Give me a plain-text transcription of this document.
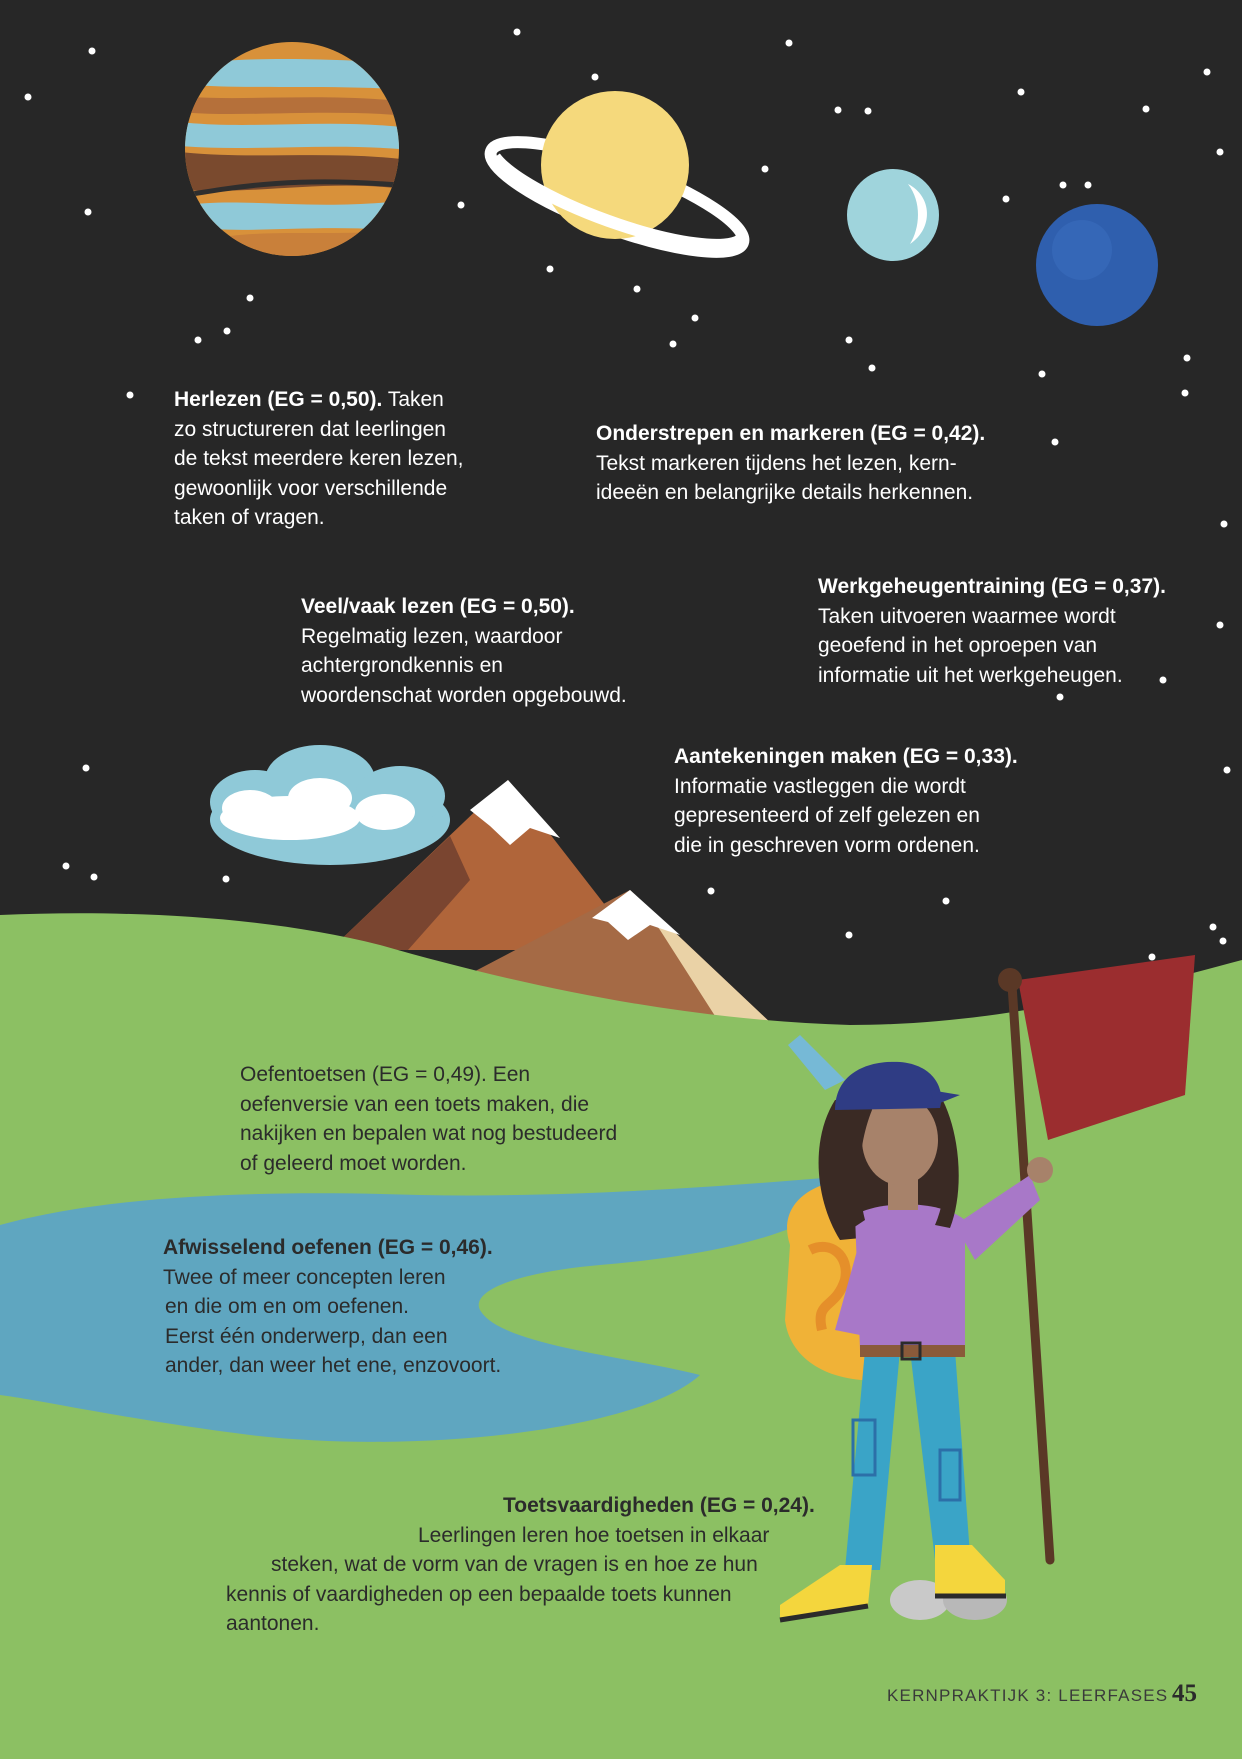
Herlezen (EG = 0,50). Taken
zo structureren dat leerlingen
de tekst meerdere keren lezen,
gewoonlijk voor verschillende
taken of vragen.
Onderstrepen en markeren (EG = 0,42).
Tekst markeren tijdens het lezen, kern-
ideeën en belangrijke details herkennen.
Veel/vaak lezen (EG = 0,50).
Regelmatig lezen, waardoor
achtergrondkennis en
woordenschat worden opgebouwd.
Werkgeheugentraining (EG = 0,37).
Taken uitvoeren waarmee wordt
geoefend in het oproepen van
informatie uit het werkgeheugen.
Aantekeningen maken (EG = 0,33).
Informatie vastleggen die wordt
gepresenteerd of zelf gelezen en
die in geschreven vorm ordenen.
Oefentoetsen (EG = 0,49). Een
oefenversie van een toets maken, die
nakijken en bepalen wat nog bestudeerd
of geleerd moet worden.
Afwisselend oefenen (EG = 0,46).
Twee of meer concepten leren
en die om en om oefenen.
Eerst één onderwerp, dan een
ander, dan weer het ene, enzovoort.
Toetsvaardigheden (EG = 0,24).
Leerlingen leren hoe toetsen in elkaar
steken, wat de vorm van de vragen is en hoe ze hun
kennis of vaardigheden op een bepaalde toets kunnen
aantonen.
KERNPRAKTIJK 3: LEERFASES 45
